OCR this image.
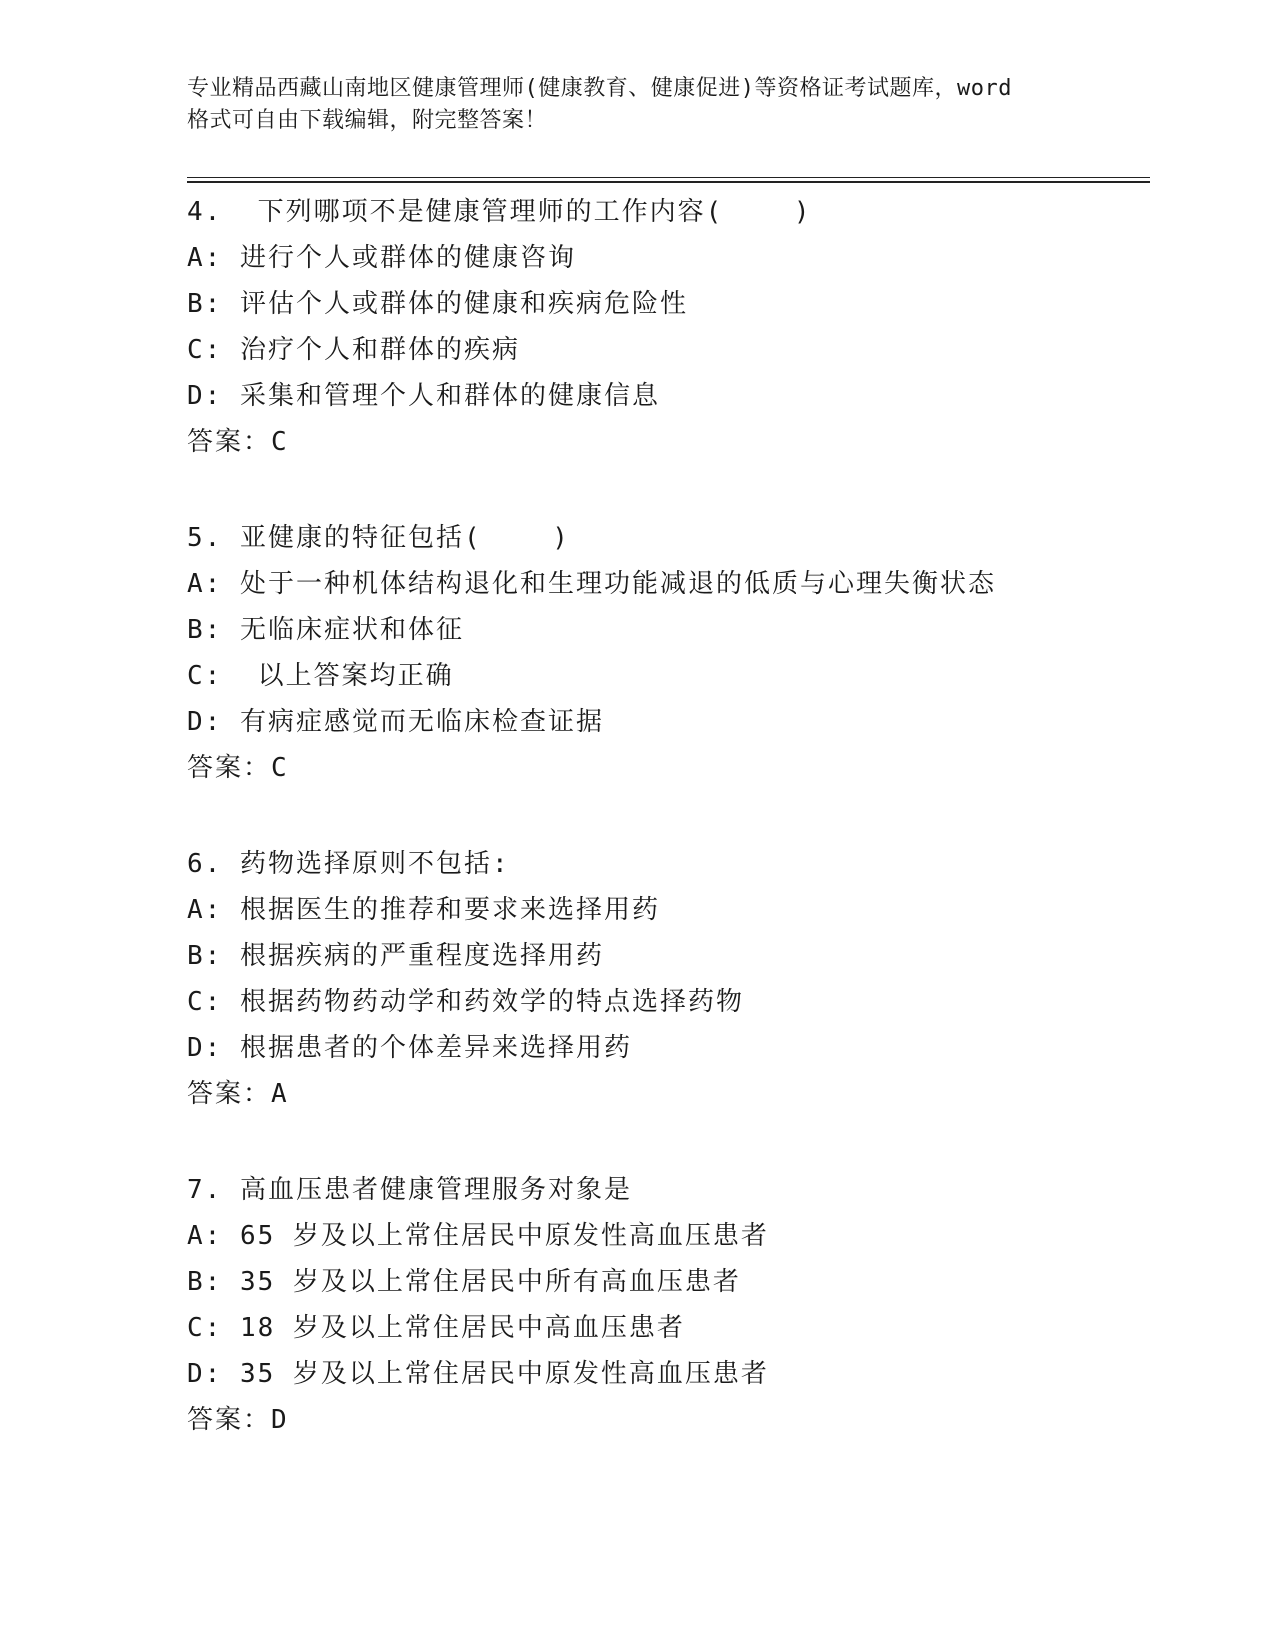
专业精品西藏山南地区健康管理师(健康教育、健康促进)等资格证考试题库，word
格式可自由下载编辑，附完整答案！
4.  下列哪项不是健康管理师的工作内容(    )
A: 进行个人或群体的健康咨询
B: 评估个人或群体的健康和疾病危险性
C: 治疗个人和群体的疾病
D: 采集和管理个人和群体的健康信息
答案：C
5. 亚健康的特征包括(    )
A: 处于一种机体结构退化和生理功能减退的低质与心理失衡状态
B: 无临床症状和体征
C:  以上答案均正确
D: 有病症感觉而无临床检查证据
答案：C
6. 药物选择原则不包括:
A: 根据医生的推荐和要求来选择用药
B: 根据疾病的严重程度选择用药
C: 根据药物药动学和药效学的特点选择药物
D: 根据患者的个体差异来选择用药
答案：A
7. 高血压患者健康管理服务对象是
A: 65 岁及以上常住居民中原发性高血压患者
B: 35 岁及以上常住居民中所有高血压患者
C: 18 岁及以上常住居民中高血压患者
D: 35 岁及以上常住居民中原发性高血压患者
答案：D
